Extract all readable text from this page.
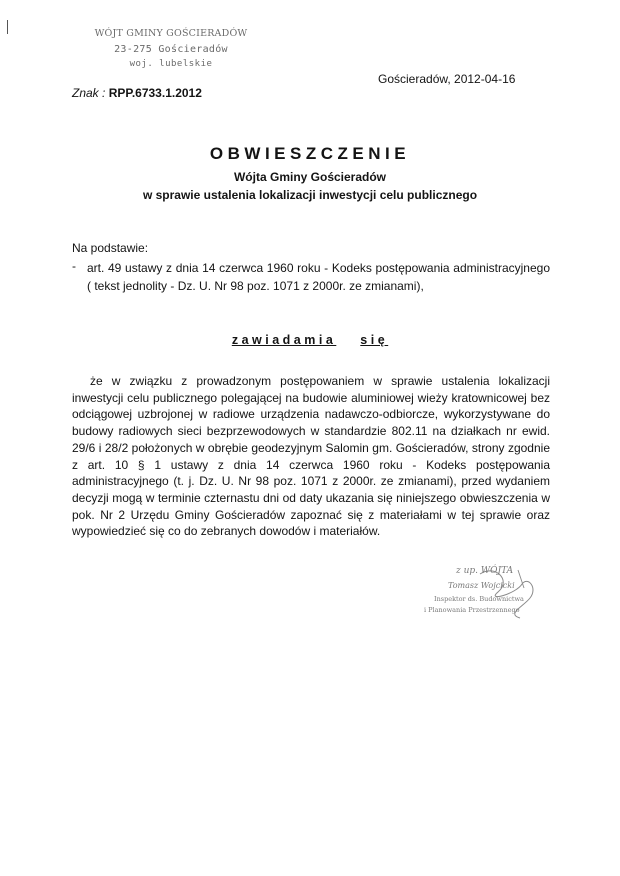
WÓJT GMINY GOŚCIERADÓW
23-275 Gościeradów
woj. lubelskie
Gościeradów, 2012-04-16
Znak : RPP.6733.1.2012
OBWIESZCZENIE
Wójta Gminy Gościeradów
w sprawie ustalenia lokalizacji inwestycji celu publicznego
Na podstawie:
- art. 49 ustawy z dnia 14 czerwca 1960 roku - Kodeks postępowania administracyjnego ( tekst jednolity - Dz. U. Nr 98 poz. 1071 z 2000r. ze zmianami),
zawiadamia się
że w związku z prowadzonym postępowaniem w sprawie ustalenia lokalizacji inwestycji celu publicznego polegającej na budowie aluminiowej wieży kratownicowej bez odciągowej uzbrojonej w radiowe urządzenia nadawczo-odbiorcze, wykorzystywane do budowy radiowych sieci bezprzewodowych w standardzie 802.11 na działkach nr ewid. 29/6 i 28/2 położonych w obrębie geodezyjnym Salomin gm. Gościeradów, strony zgodnie z art. 10 § 1 ustawy z dnia 14 czerwca 1960 roku - Kodeks postępowania administracyjnego (t. j. Dz. U. Nr 98 poz. 1071 z 2000r. ze zmianami), przed wydaniem decyzji mogą w terminie czternastu dni od daty ukazania się niniejszego obwieszczenia w pok. Nr 2 Urzędu Gminy Gościeradów zapoznać się z materiałami w tej sprawie oraz wypowiedzieć się co do zebranych dowodów i materiałów.
z up. WÓJTA
Tomasz Wojcicki
Inspektor ds. Budownictwa
i Planowania Przestrzennego
